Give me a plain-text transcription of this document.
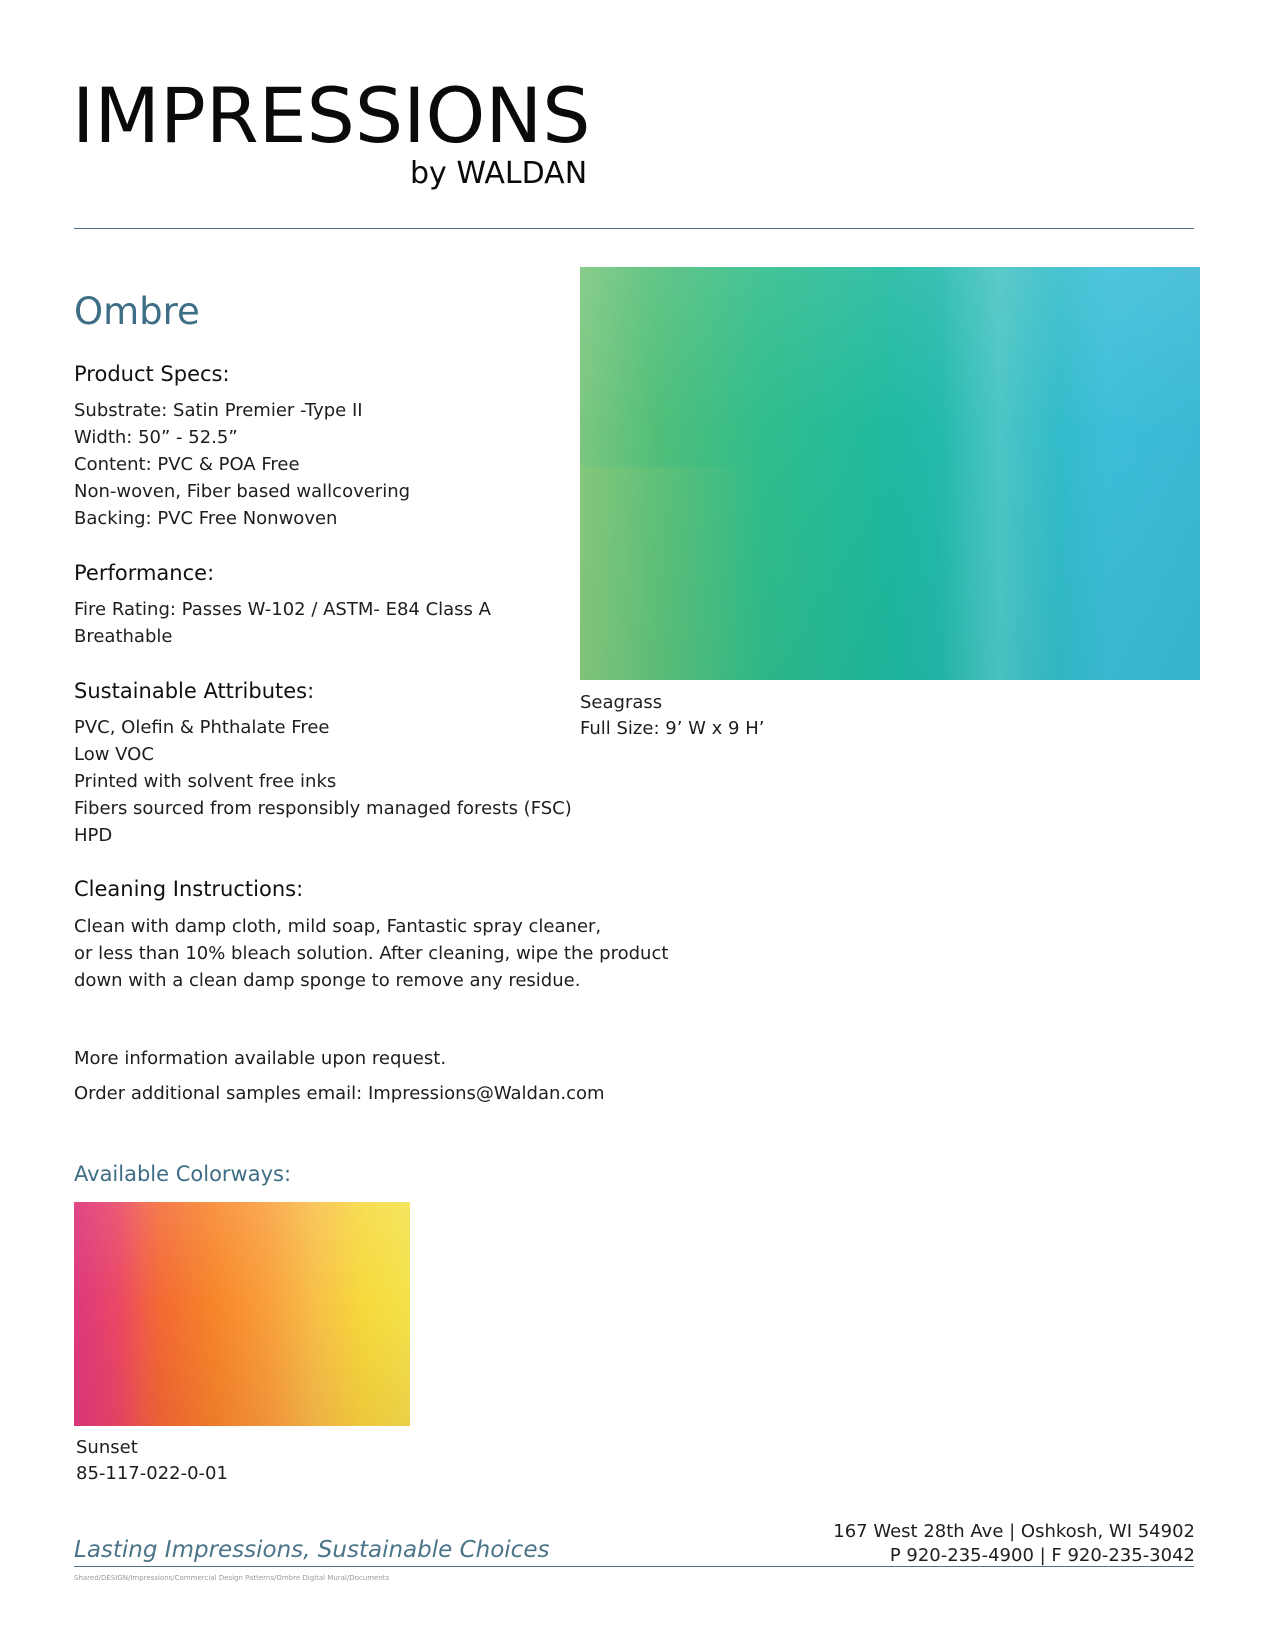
IMPRESSIONS
by WALDAN
Ombre
Product Specs:
Substrate: Satin Premier -Type II
Width: 50” - 52.5”
Content: PVC & POA Free
Non-woven, Fiber based wallcovering
Backing: PVC Free Nonwoven
Performance:
Fire Rating: Passes W-102 / ASTM- E84 Class A
Breathable
Sustainable Attributes:
PVC, Olefin & Phthalate Free
Low VOC
Printed with solvent free inks
Fibers sourced from responsibly managed forests (FSC)
HPD
Cleaning Instructions:
Clean with damp cloth, mild soap, Fantastic spray cleaner,
or less than 10% bleach solution. After cleaning, wipe the product
down with a clean damp sponge to remove any residue.
More information available upon request.
Order additional samples email: Impressions@Waldan.com
Seagrass
Full Size: 9’ W x 9 H’
Available Colorways:
Sunset
85-117-022-0-01
Lasting Impressions, Sustainable Choices
167 West 28th Ave | Oshkosh, WI 54902
P 920-235-4900 | F 920-235-3042
Shared/DESIGN/Impressions/Commercial Design Patterns/Ombre Digital Mural/Documents
